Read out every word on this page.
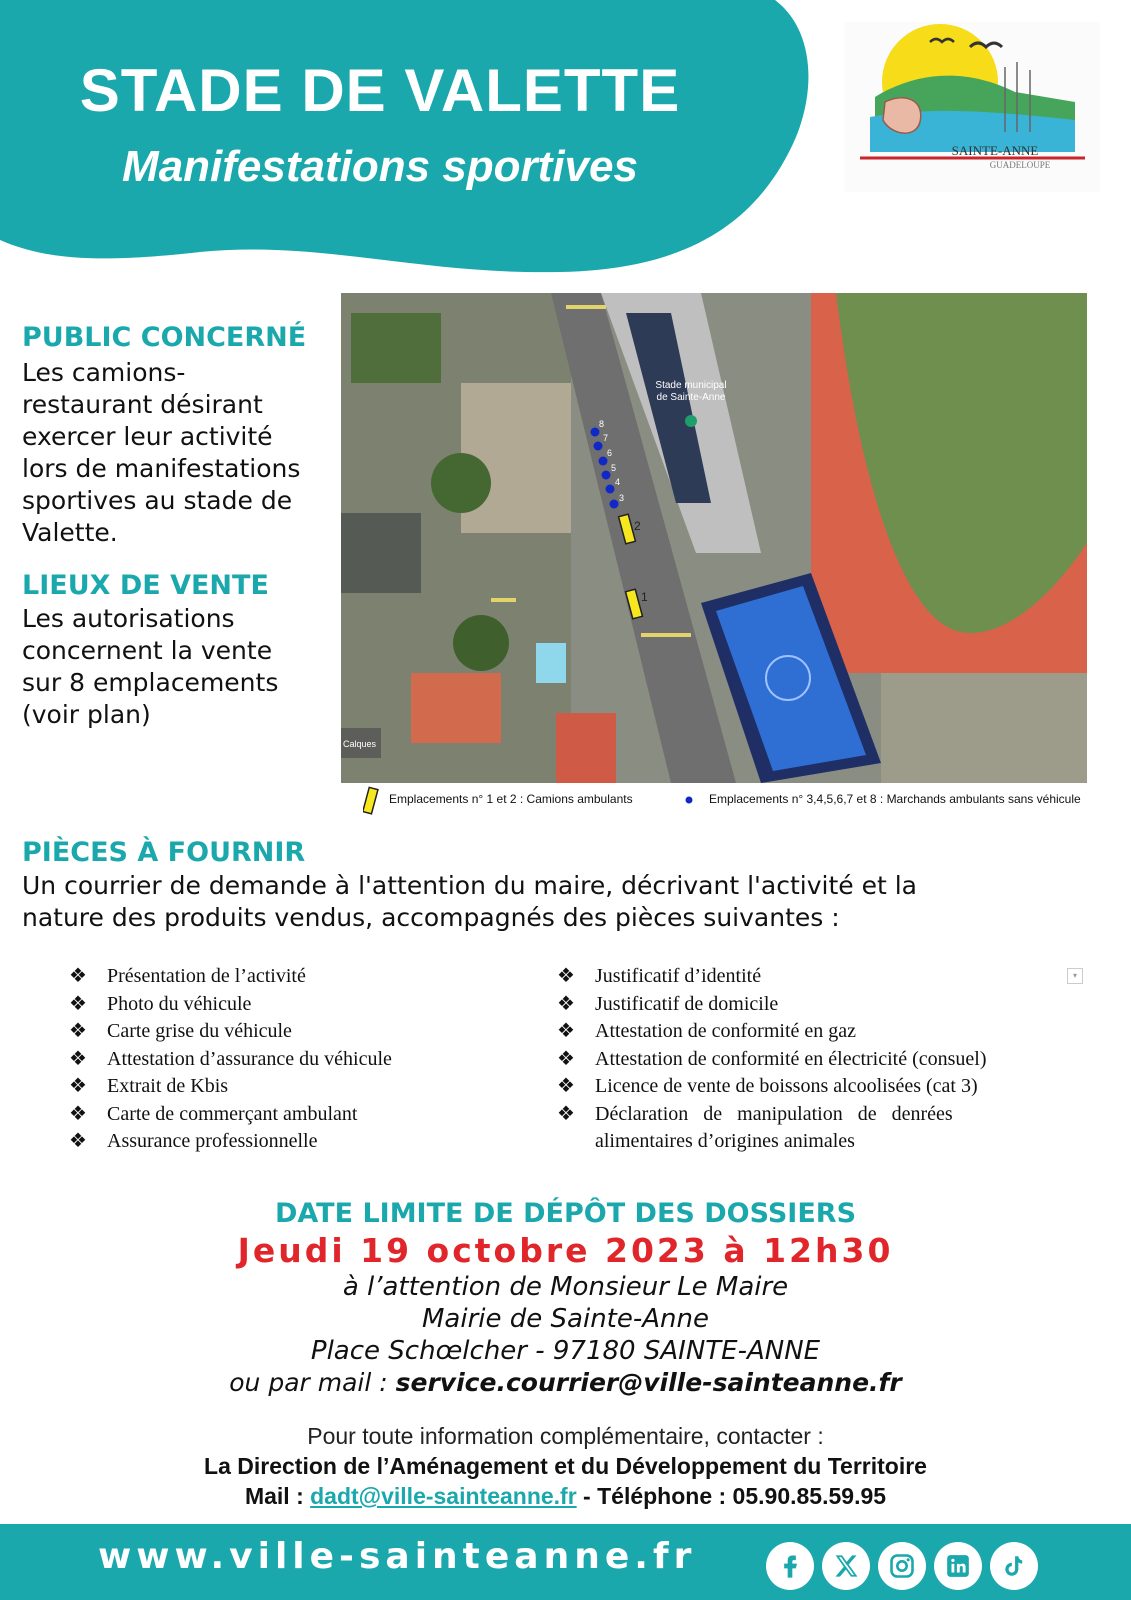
STADE DE VALETTE
Manifestations sportives	SAINTE-ANNE
GUADELOUPE
PUBLIC CONCERNÉ

Les camions-
restaurant désirant
exercer leur activité
lors de manifestations
sportives au stade de
Valette.

LIEUX DE VENTE

Les autorisations
concernent la vente
sur 8 emplacements
(voir plan)

2
1
8
7
6
5
4
3
Stade municipal
de Sainte-Anne
Calques
Emplacements n° 1 et 2 : Camions ambulants	Emplacements n° 3,4,5,6,7 et 8 : Marchands ambulants sans véhicule
PIÈCES À FOURNIR

Un courrier de demande à l'attention du maire, décrivant l'activité et la
nature des produits vendus, accompagnés des pièces suivantes :

❖ Présentation de l’activité
❖ Photo du véhicule
❖ Carte grise du véhicule
❖ Attestation d’assurance du véhicule
❖ Extrait de Kbis
❖ Carte de commerçant ambulant
❖ Assurance professionnelle
❖ Justificatif d’identité
❖ Justificatif de domicile
❖ Attestation de conformité en gaz
❖ Attestation de conformité en électricité (consuel)
❖ Licence de vente de boissons alcoolisées (cat 3)
❖ Déclaration   de   manipulation   de   denrées
alimentaires d’origines animales
▾

DATE LIMITE DE DÉPÔT DES DOSSIERS

Jeudi 19 octobre 2023 à 12h30

à l’attention de Monsieur Le Maire

Mairie de Sainte-Anne

Place Schœlcher - 97180 SAINTE-ANNE

ou par mail : service.courrier@ville-sainteanne.fr

Pour toute information complémentaire, contacter :

La Direction de l’Aménagement et du Développement du Territoire

Mail : dadt@ville-sainteanne.fr - Téléphone : 05.90.85.59.95

www.ville-sainteanne.fr
